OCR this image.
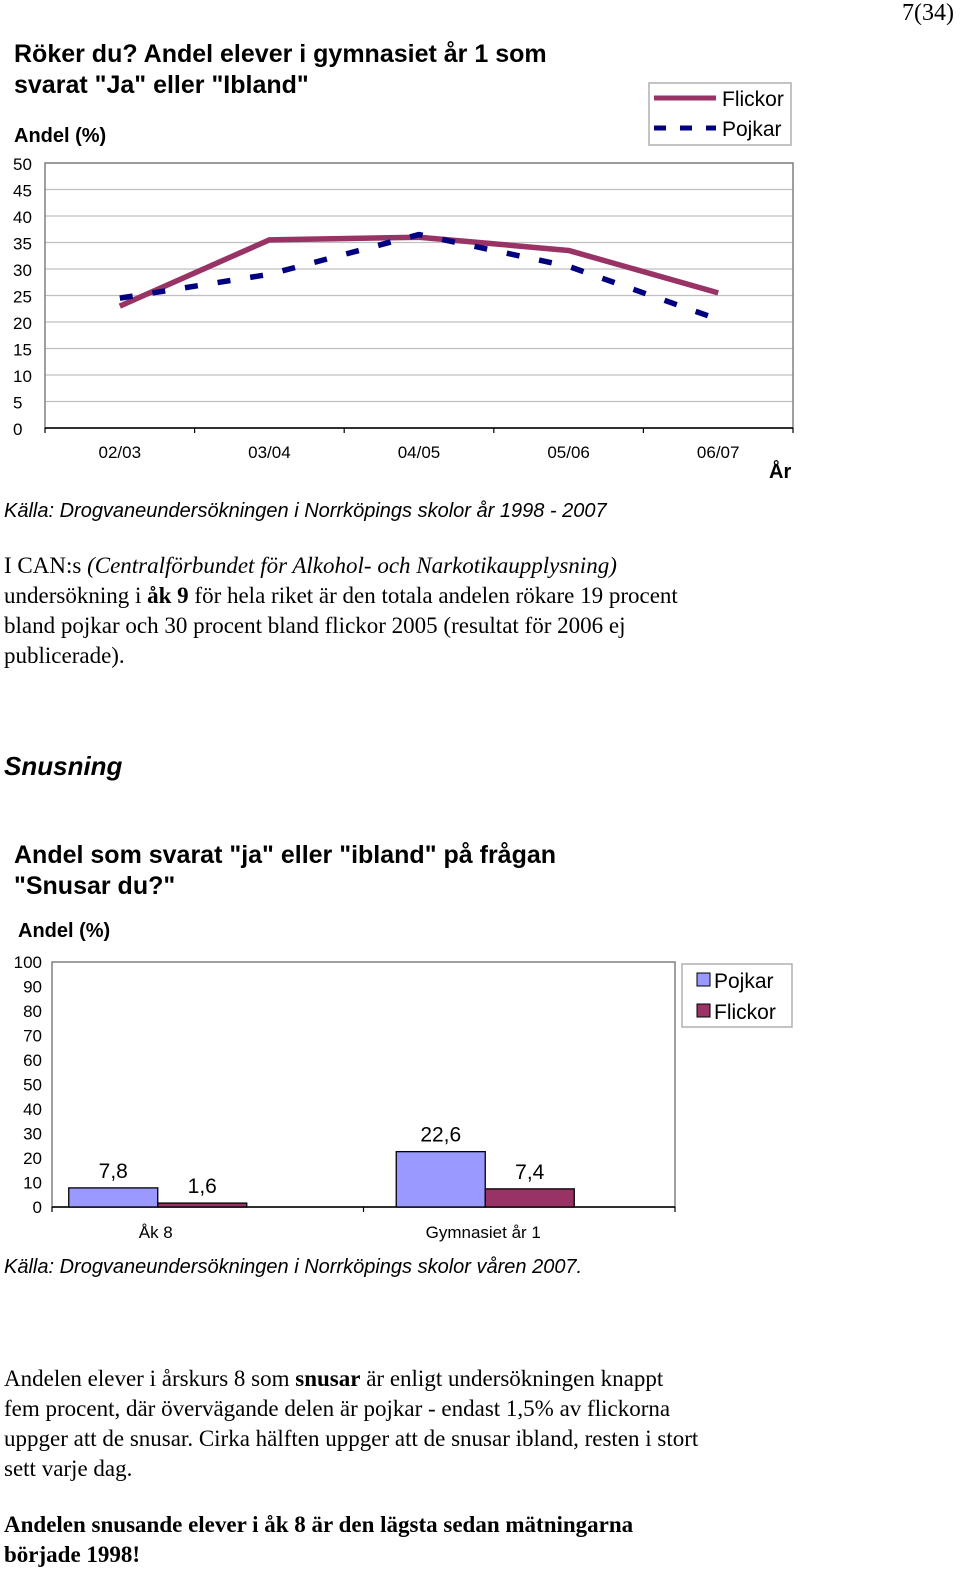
7(34)
Röker du? Andel elever i gymnasiet år 1 som
svarat "Ja" eller "Ibland"
Andel (%)
0
5
10
15
20
25
30
35
40
45
50
02/03	03/04	04/05	05/06	06/07
År
Flickor
Pojkar
Källa: Drogvaneundersökningen i Norrköpings skolor år 1998 - 2007
I CAN:s (Centralförbundet för Alkohol- och Narkotikaupplysning)
undersökning i åk 9 för hela riket är den totala andelen rökare 19 procent
bland pojkar och 30 procent bland flickor 2005 (resultat för 2006 ej
publicerade).
Snusning
Andel som svarat "ja" eller "ibland" på frågan
"Snusar du?"
Andel (%)
0
10
20
30
40
50
60
70
80
90
100
Åk 8	Gymnasiet år 1
7,8
1,6
22,6
7,4
Pojkar
Flickor
Källa: Drogvaneundersökningen i Norrköpings skolor våren 2007.
Andelen elever i årskurs 8 som snusar är enligt undersökningen knappt
fem procent, där övervägande delen är pojkar - endast 1,5% av flickorna
uppger att de snusar. Cirka hälften uppger att de snusar ibland, resten i stort
sett varje dag.
Andelen snusande elever i åk 8 är den lägsta sedan mätningarna
började 1998!
